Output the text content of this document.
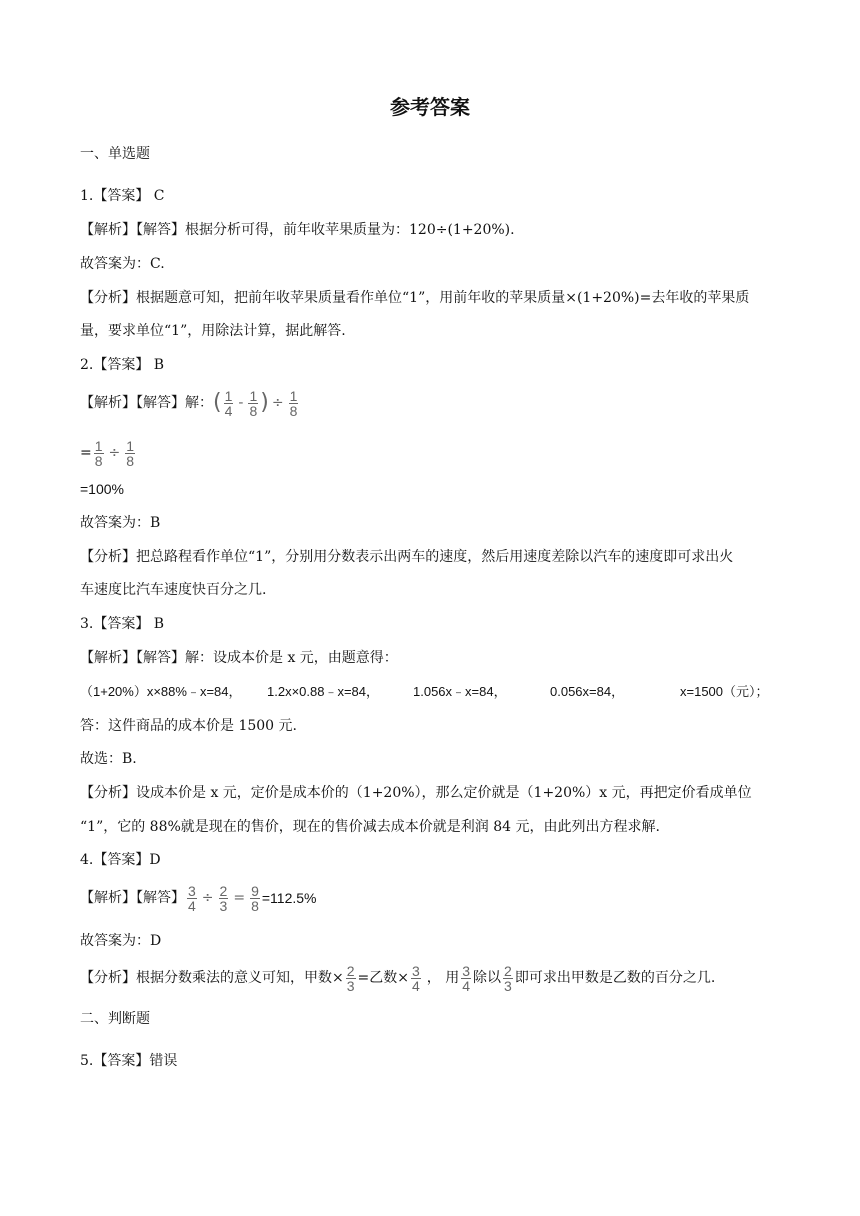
参考答案
一、单选题
1.【答案】 C
【解析】【解答】根据分析可得，前年收苹果质量为：120÷(1+20%).
故答案为：C.
【分析】根据题意可知，把前年收苹果质量看作单位“1”，用前年收的苹果质量×(1+20%)=去年收的苹果质
量，要求单位“1”，用除法计算，据此解答.
2.【答案】 B
【解析】【解答】解：( $\frac{1}{4} - \frac{1}{8}$ ) ÷ $\frac{1}{8}$
= $\frac{1}{8} \div \frac{1}{8}$
=100%
故答案为：B
【分析】把总路程看作单位“1”，分别用分数表示出两车的速度，然后用速度差除以汽车的速度即可求出火
车速度比汽车速度快百分之几.
3.【答案】 B
【解析】【解答】解：设成本价是 x 元，由题意得：
（1+20%）x×88%﹣x=84， 1.2x×0.88﹣x=84，	1.056x﹣x=84，	0.056x=84，	x=1500（元）；
答：这件商品的成本价是 1500 元.
故选：B.
【分析】设成本价是 x 元，定价是成本价的（1+20%），那么定价就是（1+20%）x 元，再把定价看成单位
“1”，它的 88%就是现在的售价，现在的售价减去成本价就是利润 84 元，由此列出方程求解.
4.【答案】D
【解析】【解答】 $\frac{3}{4} \div \frac{2}{3} = \frac{9}{8} =112.5\%$
故答案为：D
【分析】根据分数乘法的意义可知，甲数× $\frac{2}{3}$ =乙数× $\frac{3}{4}$ ， 用 $\frac{3}{4}$ 除以 $\frac{2}{3}$ 即可求出甲数是乙数的百分之几.
二、判断题
5.【答案】错误
